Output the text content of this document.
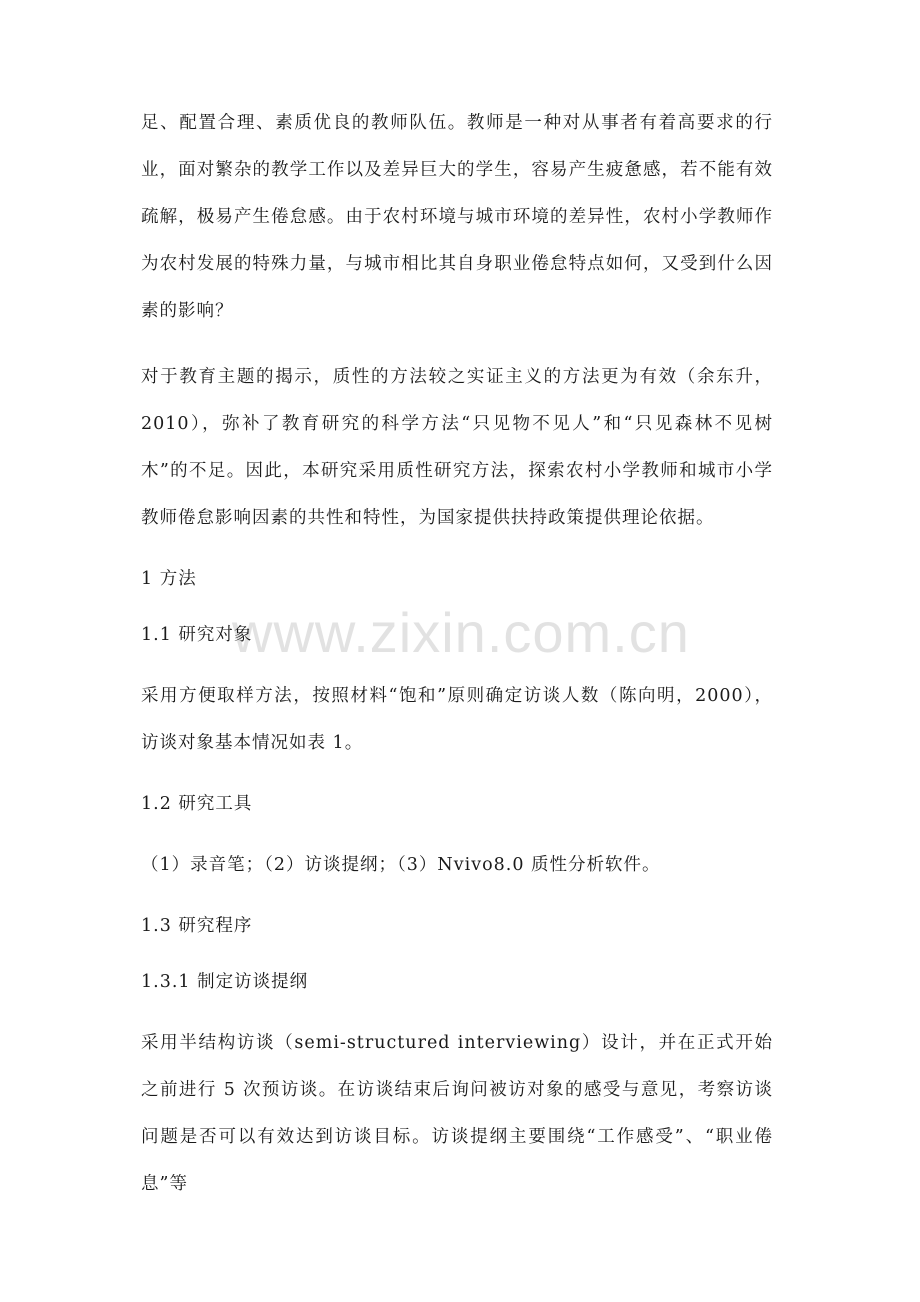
www.zixin.com.cn

足、配置合理、素质优良的教师队伍。教师是一种对从事者有着高要求的行业，面对繁杂的教学工作以及差异巨大的学生，容易产生疲惫感，若不能有效疏解，极易产生倦怠感。由于农村环境与城市环境的差异性，农村小学教师作为农村发展的特殊力量，与城市相比其自身职业倦怠特点如何，又受到什么因素的影响？

对于教育主题的揭示，质性的方法较之实证主义的方法更为有效（余东升，2010），弥补了教育研究的科学方法“只见物不见人”和“只见森林不见树木”的不足。因此，本研究采用质性研究方法，探索农村小学教师和城市小学教师倦怠影响因素的共性和特性，为国家提供扶持政策提供理论依据。

1 方法

1.1 研究对象

采用方便取样方法，按照材料“饱和”原则确定访谈人数（陈向明，2000），访谈对象基本情况如表 1。

1.2 研究工具

（1）录音笔；（2）访谈提纲；（3）Nvivo8.0 质性分析软件。

1.3 研究程序

1.3.1 制定访谈提纲

采用半结构访谈（semi-structured interviewing）设计，并在正式开始之前进行 5 次预访谈。在访谈结束后询问被访对象的感受与意见，考察访谈问题是否可以有效达到访谈目标。访谈提纲主要围绕“工作感受”、“职业倦息”等
